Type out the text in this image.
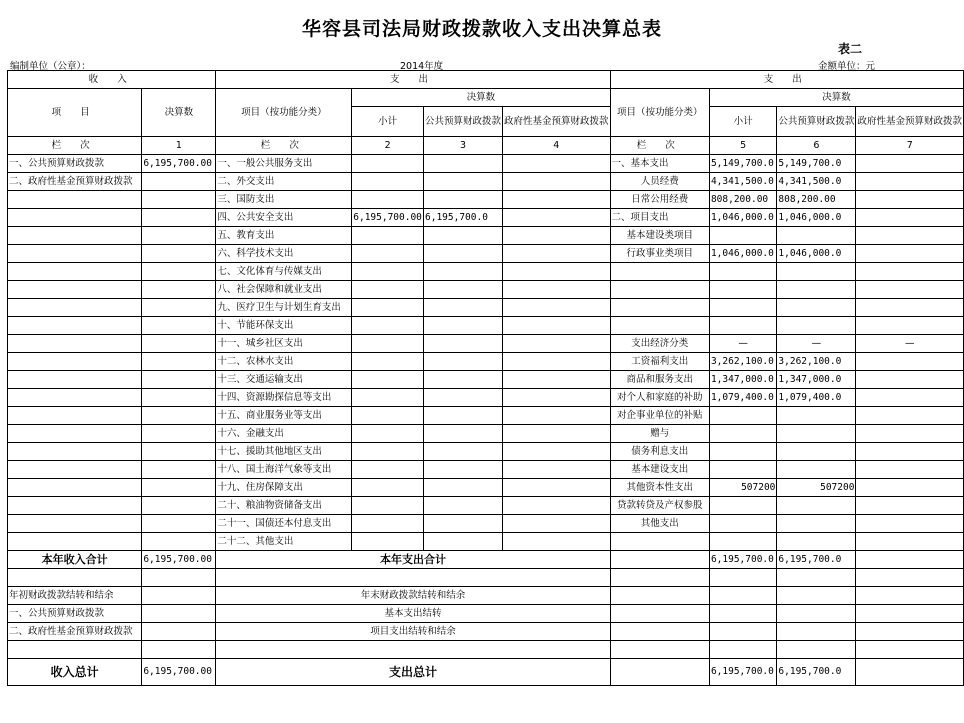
华容县司法局财政拨款收入支出决算总表
表二
编制单位（公章）：	2014年度	金额单位：元
收 入		支 出				支 出			
项 目	决算数	项目（按功能分类）	决算数			项目（按功能分类）	决算数		
			小计	公共预算财政拨款	政府性基金预算财政拨款		小计	公共预算财政拨款	政府性基金预算财政拨款

栏 次	1	栏 次	2	3	4	栏 次	5	6	7
一、公共预算财政拨款	6,195,700.00	一、一般公共服务支出				一、基本支出	5,149,700.0	5,149,700.0	
二、政府性基金预算财政拨款		二、外交支出				人员经费	4,341,500.0	4,341,500.0	
		三、国防支出				日常公用经费	808,200.00	808,200.00	
		四、公共安全支出	6,195,700.00	6,195,700.0		二、项目支出	1,046,000.0	1,046,000.0	
		五、教育支出				基本建设类项目			
		六、科学技术支出				行政事业类项目	1,046,000.0	1,046,000.0	
		七、文化体育与传媒支出							
		八、社会保障和就业支出							
		九、医疗卫生与计划生育支出							
		十、节能环保支出							
		十一、城乡社区支出				支出经济分类	—	—	—
		十二、农林水支出				工资福利支出	3,262,100.0	3,262,100.0	
		十三、交通运输支出				商品和服务支出	1,347,000.0	1,347,000.0	
		十四、资源勘探信息等支出				对个人和家庭的补助	1,079,400.0	1,079,400.0	
		十五、商业服务业等支出				对企事业单位的补贴			
		十六、金融支出				赠与			
		十七、援助其他地区支出				债务利息支出			
		十八、国土海洋气象等支出				基本建设支出			
		十九、住房保障支出				其他资本性支出	507200	507200	
		二十、粮油物资储备支出				贷款转贷及产权参股			
		二十一、国债还本付息支出				其他支出			
		二十二、其他支出							
本年收入合计	6,195,700.00	本年支出合计					6,195,700.0	6,195,700.0	

年初财政拨款结转和结余		年末财政拨款结转和结余							
一、公共预算财政拨款		基本支出结转							
二、政府性基金预算财政拨款		项目支出结转和结余							

收入总计	6,195,700.00	支出总计					6,195,700.0	6,195,700.0	
